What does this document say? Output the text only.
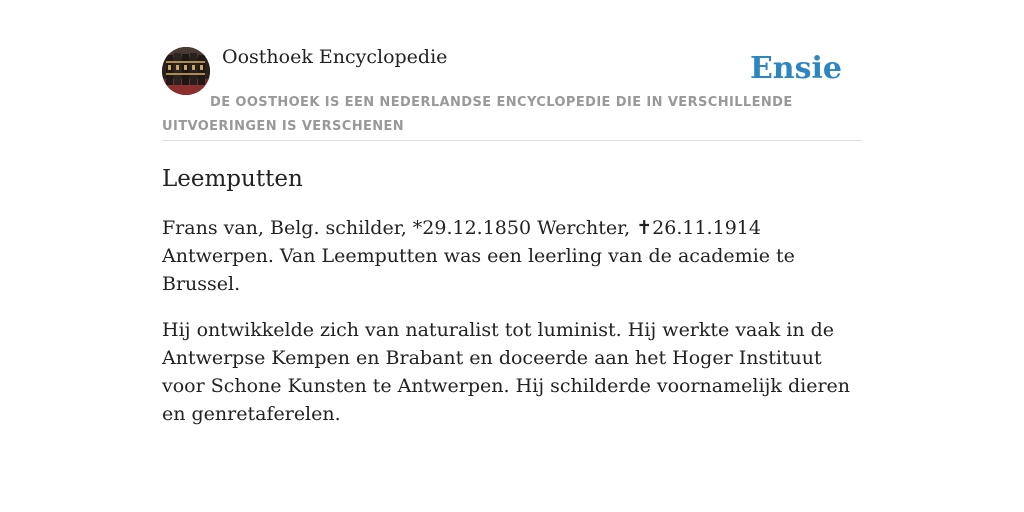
Oosthoek Encyclopedie	Ensie
DE OOSTHOEK IS EEN NEDERLANDSE ENCYCLOPEDIE DIE IN VERSCHILLENDE UITVOERINGEN IS VERSCHENEN
Leemputten

Frans van, Belg. schilder, *29.12.1850 Werchter, ✝26.11.1914 Antwerpen. Van Leemputten was een leerling van de academie te Brussel.

Hij ontwikkelde zich van naturalist tot luminist. Hij werkte vaak in de Antwerpse Kempen en Brabant en doceerde aan het Hoger Instituut voor Schone Kunsten te Antwerpen. Hij schilderde voornamelijk dieren en genretaferelen.
